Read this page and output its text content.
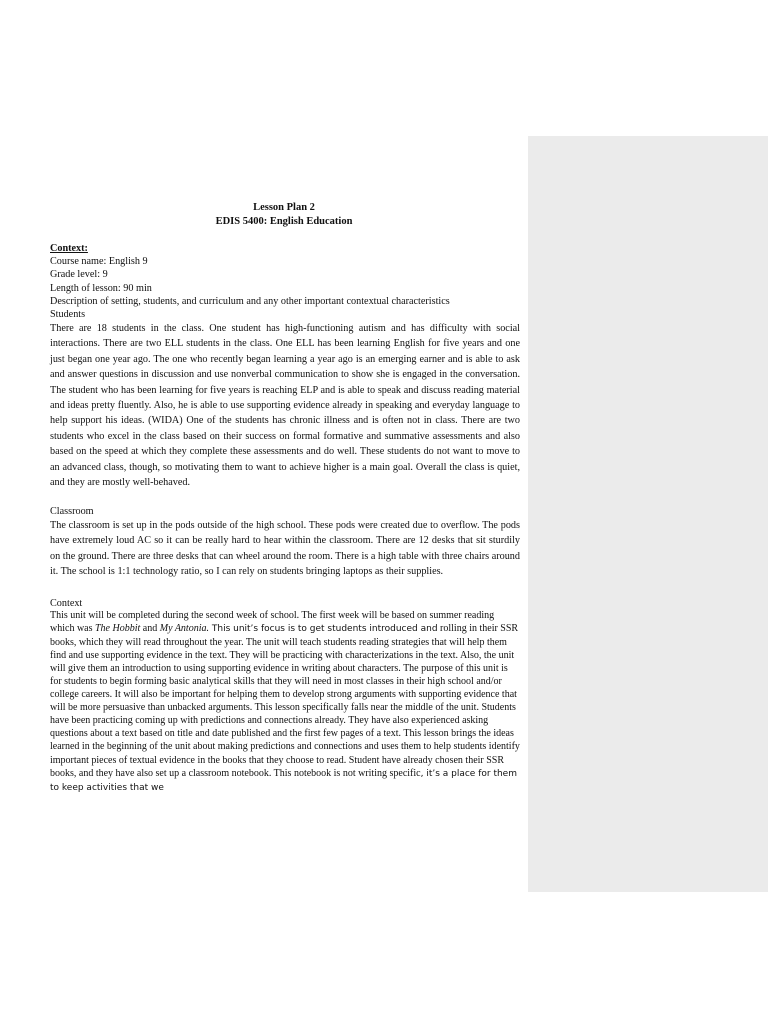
Lesson Plan 2
EDIS 5400: English Education

Context:

Course name: English 9

Grade level: 9

Length of lesson: 90 min

Description of setting, students, and curriculum and any other important contextual characteristics

Students

There are 18 students in the class. One student has high-functioning autism and has difficulty with social interactions. There are two ELL students in the class. One ELL has been learning English for five years and one just began one year ago. The one who recently began learning a year ago is an emerging earner and is able to ask and answer questions in discussion and use nonverbal communication to show she is engaged in the conversation. The student who has been learning for five years is reaching ELP and is able to speak and discuss reading material and ideas pretty fluently. Also, he is able to use supporting evidence already in speaking and everyday language to help support his ideas. (WIDA) One of the students has chronic illness and is often not in class. There are two students who excel in the class based on their success on formal formative and summative assessments and also based on the speed at which they complete these assessments and do well. These students do not want to move to an advanced class, though, so motivating them to want to achieve higher is a main goal. Overall the class is quiet, and they are mostly well-behaved.

Classroom

The classroom is set up in the pods outside of the high school. These pods were created due to overflow. The pods have extremely loud AC so it can be really hard to hear within the classroom. There are 12 desks that sit sturdily on the ground. There are three desks that can wheel around the room. There is a high table with three chairs around it. The school is 1:1 technology ratio, so I can rely on students bringing laptops as their supplies.

Context

This unit will be completed during the second week of school. The first week will be based on summer reading which was The Hobbit and My Antonia. This unit’s focus is to get students introduced and rolling in their SSR books, which they will read throughout the year. The unit will teach students reading strategies that will help them find and use supporting evidence in the text. They will be practicing with characterizations in the text. Also, the unit will give them an introduction to using supporting evidence in writing about characters. The purpose of this unit is for students to begin forming basic analytical skills that they will need in most classes in their high school and/or college careers. It will also be important for helping them to develop strong arguments with supporting evidence that will be more persuasive than unbacked arguments. This lesson specifically falls near the middle of the unit. Students have been practicing coming up with predictions and connections already. They have also experienced asking questions about a text based on title and date published and the first few pages of a text. This lesson brings the ideas learned in the beginning of the unit about making predictions and connections and uses them to help students identify important pieces of textual evidence in the books that they choose to read. Student have already chosen their SSR books, and they have also set up a classroom notebook. This notebook is not writing specific, it’s a place for them to keep activities that we
